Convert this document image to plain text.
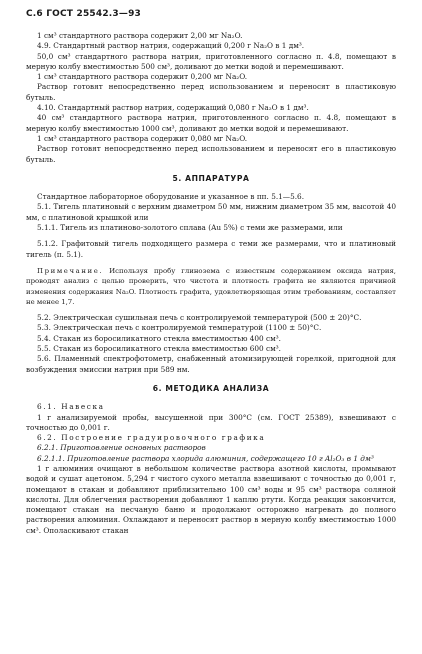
С.6 ГОСТ 25542.3—93

1 см³ стандартного раствора содержит 2,00 мг Na₂O.

4.9. Стандартный раствор натрия, содержащий 0,200 г Na₂O в 1 дм³.

50,0 см³ стандартного раствора натрия, приготовленного согласно п. 4.8, помещают в мерную колбу вместимостью 500 см³, доливают до метки водой и перемешивают.

1 см³ стандартного раствора содержит 0,200 мг Na₂O.

Раствор готовят непосредственно перед использованием и переносят в пластиковую бутыль.

4.10. Стандартный раствор натрия, содержащий 0,080 г Na₂O в 1 дм³.

40 см³ стандартного раствора натрия, приготовленного согласно п. 4.8, помещают в мерную колбу вместимостью 1000 см³, доливают до метки водой и перемешивают.

1 см³ стандартного раствора содержит 0,080 мг Na₂O.

Раствор готовят непосредственно перед использованием и переносят его в пластиковую бутыль.

5. АППАРАТУРА

Стандартное лабораторное оборудование и указанное в пп. 5.1—5.6.

5.1. Тигель платиновый с верхним диаметром 50 мм, нижним диаметром 35 мм, высотой 40 мм, с платиновой крышкой или

5.1.1. Тигель из платиново-золотого сплава (Au 5%) с теми же размерами, или

5.1.2. Графитовый тигель подходящего размера с теми же размерами, что и платиновый тигель (п. 5.1).

Примечание. Используя пробу глинозема с известным содержанием оксида натрия, проводят анализ с целью проверить, что чистота и плотность графита не являются причиной изменения содержания Na₂O. Плотность графита, удовлетворяющая этим требованиям, составляет не менее 1,7.

5.2. Электрическая сушильная печь с контролируемой температурой (500 ± 20)°С.

5.3. Электрическая печь с контролируемой температурой (1100 ± 50)°С.

5.4. Стакан из боросиликатного стекла вместимостью 400 см³.

5.5. Стакан из боросиликатного стекла вместимостью 600 см³.

5.6. Пламенный спектрофотометр, снабженный атомизирующей горелкой, пригодной для возбуждения эмиссии натрия при 589 нм.

6. МЕТОДИКА АНАЛИЗА

6.1. Навеска

1 г анализируемой пробы, высушенной при 300°С (см. ГОСТ 25389), взвешивают с точностью до 0,001 г.

6.2. Построение градуировочного графика

6.2.1. Приготовление основных растворов

6.2.1.1. Приготовление раствора хлорида алюминия, содержащего 10 г Al₂O₃ в 1 дм³

1 г алюминия очищают в небольшом количестве раствора азотной кислоты, промывают водой и сушат ацетоном. 5,294 г чистого сухого металла взвешивают с точностью до 0,001 г, помещают в стакан и добавляют приблизительно 100 см³ воды и 95 см³ раствора соляной кислоты. Для облегчения растворения добавляют 1 каплю ртути. Когда реакция закончится, помещают стакан на песчаную баню и продолжают осторожно нагревать до полного растворения алюминия. Охлаждают и переносят раствор в мерную колбу вместимостью 1000 см³. Ополаскивают стакан
